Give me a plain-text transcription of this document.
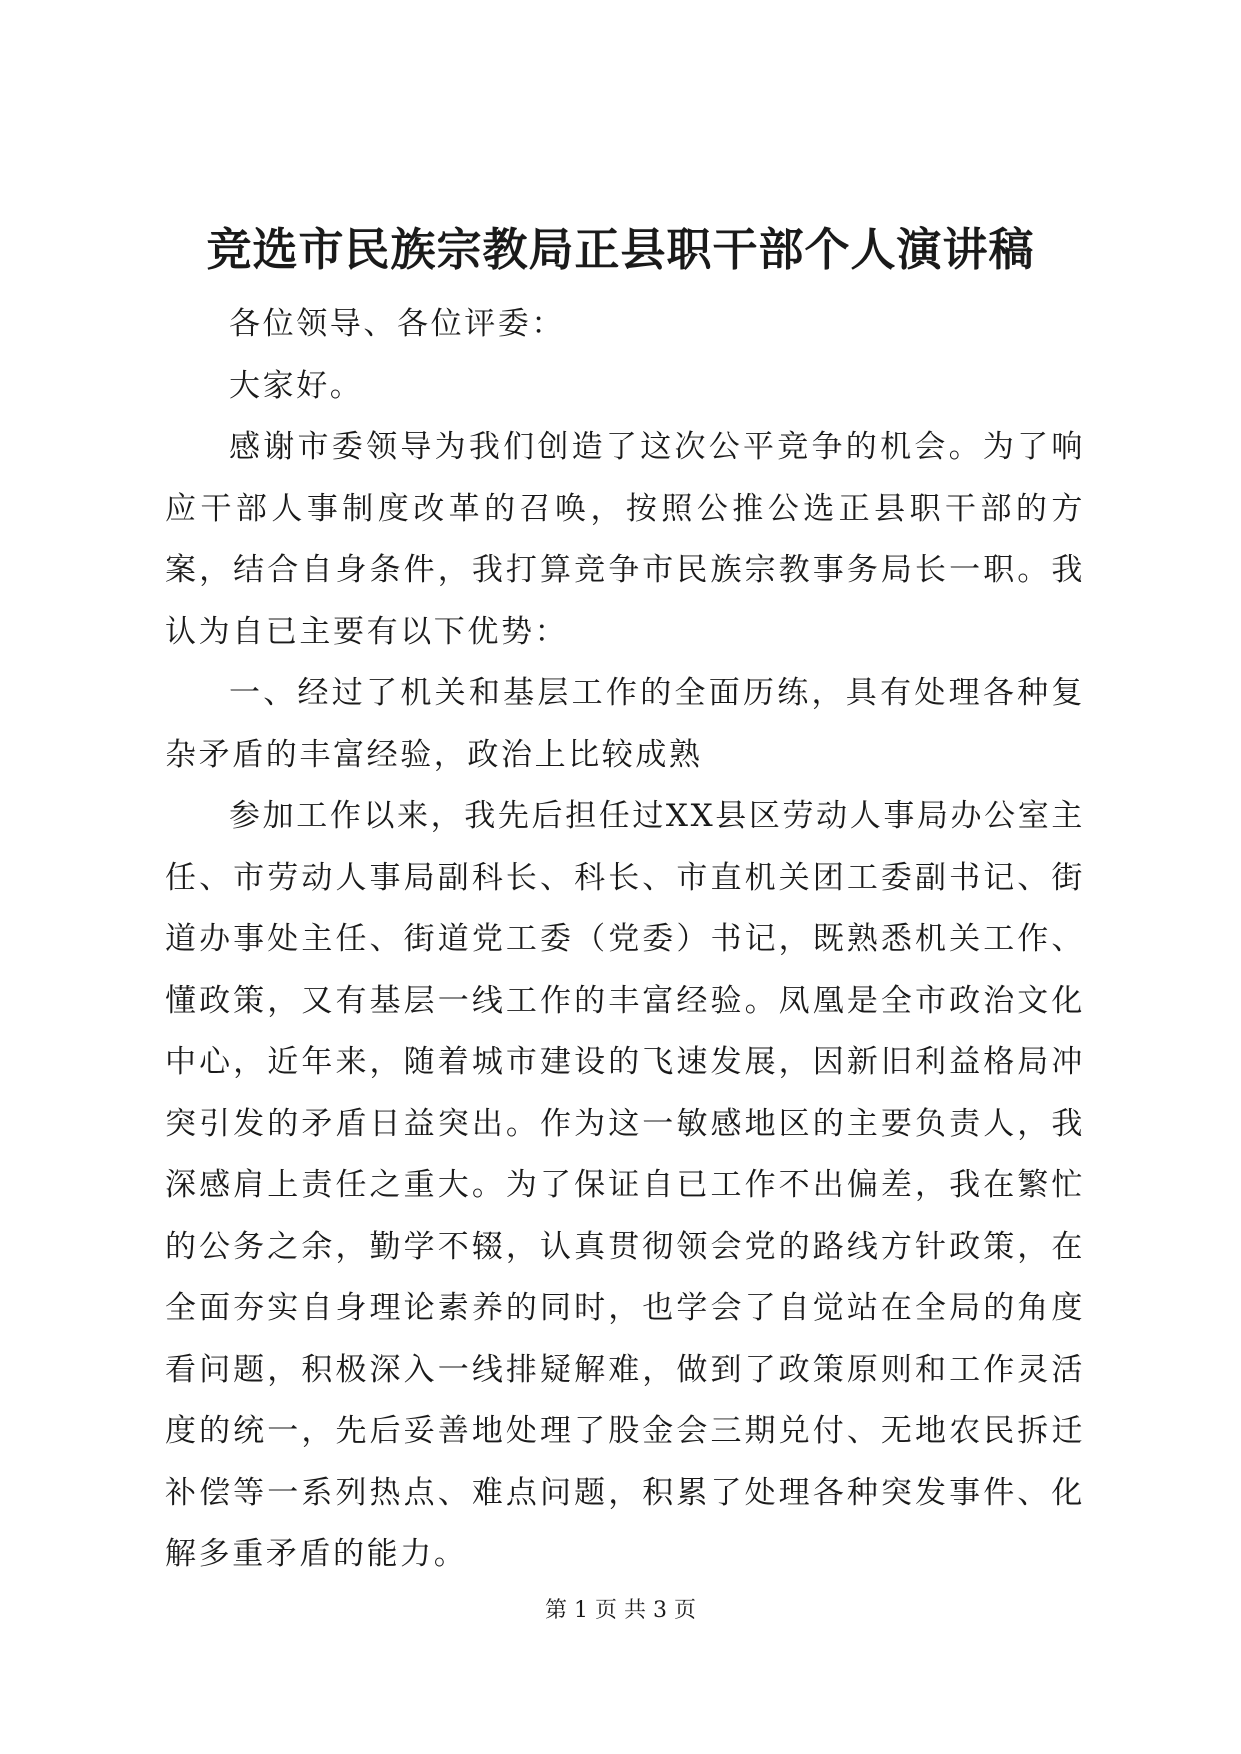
竞选市民族宗教局正县职干部个人演讲稿

各位领导、各位评委：

大家好。

感谢市委领导为我们创造了这次公平竞争的机会。为了响应干部人事制度改革的召唤，按照公推公选正县职干部的方案，结合自身条件，我打算竞争市民族宗教事务局长一职。我认为自已主要有以下优势：

一、经过了机关和基层工作的全面历练，具有处理各种复杂矛盾的丰富经验，政治上比较成熟

参加工作以来，我先后担任过XX县区劳动人事局办公室主任、市劳动人事局副科长、科长、市直机关团工委副书记、街道办事处主任、街道党工委（党委）书记，既熟悉机关工作、懂政策，又有基层一线工作的丰富经验。凤凰是全市政治文化中心，近年来，随着城市建设的飞速发展，因新旧利益格局冲突引发的矛盾日益突出。作为这一敏感地区的主要负责人，我深感肩上责任之重大。为了保证自已工作不出偏差，我在繁忙的公务之余，勤学不辍，认真贯彻领会党的路线方针政策，在全面夯实自身理论素养的同时，也学会了自觉站在全局的角度看问题，积极深入一线排疑解难，做到了政策原则和工作灵活度的统一，先后妥善地处理了股金会三期兑付、无地农民拆迁补偿等一系列热点、难点问题，积累了处理各种突发事件、化解多重矛盾的能力。

第 1 页 共 3 页
